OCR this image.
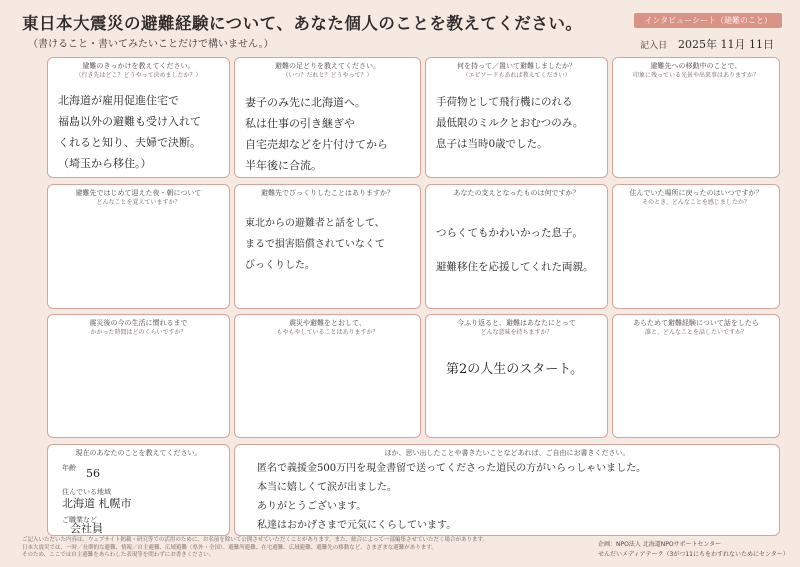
東日本大震災の避難経験について、あなた個人のことを教えてください。
（書けること・書いてみたいことだけで構いません。）
インタビューシート（避難のこと）
記入日 2025年 11月 11日
避難のきっかけを教えてください。
（行き先はどこ？どうやって決めましたか？）
北海道が雇用促進住宅で
福島以外の避難も受け入れて
くれると知り、夫婦で決断。
（埼玉から移住。）
避難の足どりを教えてください。
（いつ？だれと？どうやって？）
妻子のみ先に北海道へ。
私は仕事の引き継ぎや
自宅売却などを片付けてから
半年後に合流。
何を持って／置いて避難しましたか？
（エピソードもあれば教えてください）
手荷物として飛行機にのれる
最低限のミルクとおむつのみ。
息子は当時0歳でした。
避難先への移動中のことで、
印象に残っている光景や出来事はありますか？
避難先ではじめて迎えた夜・朝について
どんなことを覚えていますか？
避難先でびっくりしたことはありますか？
東北からの避難者と話をして、
まるで損害賠償されていなくて
びっくりした。
あなたの支えとなったものは何ですか？
つらくてもかわいかった息子。

避難移住を応援してくれた両親。
住んでいた場所に戻ったのはいつですか？
そのとき、どんなことを感じましたか？
震災後の今の生活に慣れるまで
かかった時間はどのくらいですか？
震災や避難をとおして、
もやもやしていることはありますか？
今ふり返ると、避難はあなたにとって
どんな意味を持ちますか？
第2の人生のスタート。
あらためて避難経験について話をしたら
誰と、どんなことを話したいですか？
現在のあなたのことを教えてください。
年齢 56
住んでいる地域
北海道 札幌市
ご職業など
会社員
ほか、思い出したことや書きたいことなどあれば、ご自由にお書きください。
匿名で義援金500万円を現金書留で送ってくださった道民の方がいらっしゃいました。
本当に嬉しくて涙が出ました。
ありがとうございます。
私達はおかげさまで元気にくらしています。
ご記入いただいた内容は、ウェブサイト掲載・研究等での活用のために、お名前を除いて公開させていただくことがあります。また、総合によって一部編集させていただく場合があります。
日本大震災では、一時／長期的な避難、情報／自主避難、広域避難（県外・全国）、避難所避難、在宅避難、広域避難、避難先の移動など、さまざまな避難があります。
そのため、ここでは自主避難をあらわした表現等を問わずにお書きください。
企画：NPO法人 北海道NPOサポートセンター
せんだいメディアテーク（3がつ11にちをわすれないためにセンター）
